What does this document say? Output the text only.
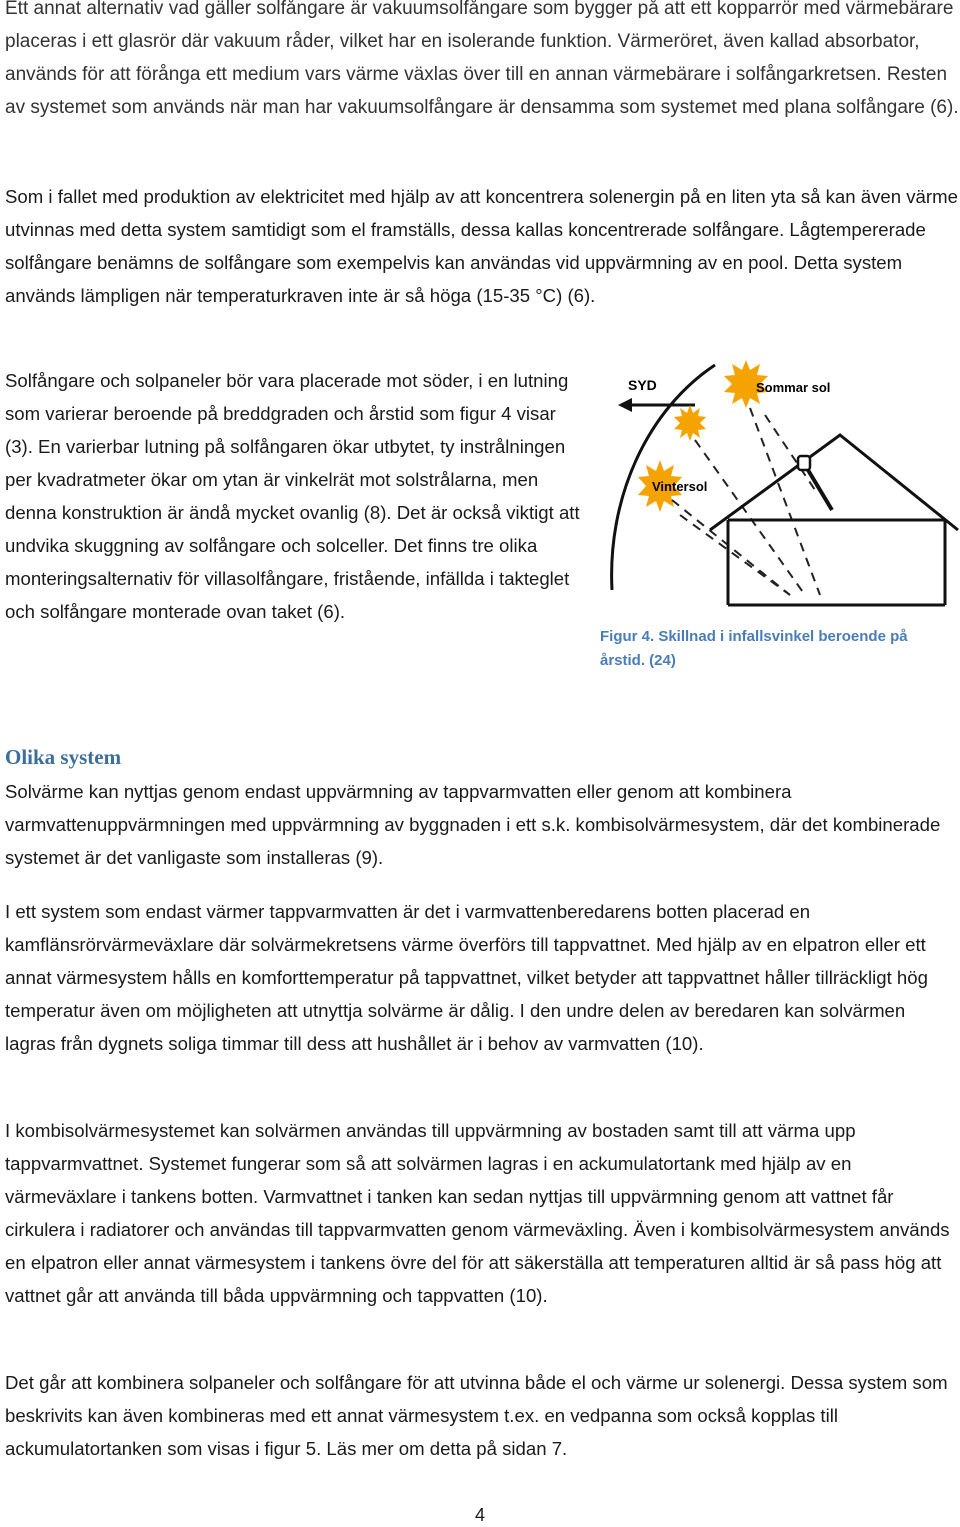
Ett annat alternativ vad gäller solfångare är vakuumsolfångare som bygger på att ett kopparrör med värmebärare placeras i ett glasrör där vakuum råder, vilket har en isolerande funktion. Värmeröret, även kallad absorbator, används för att förånga ett medium vars värme växlas över till en annan värmebärare i solfångarkretsen. Resten av systemet som används när man har vakuumsolfångare är densamma som systemet med plana solfångare (6).

Som i fallet med produktion av elektricitet med hjälp av att koncentrera solenergin på en liten yta så kan även värme utvinnas med detta system samtidigt som el framställs, dessa kallas koncentrerade solfångare. Lågtempererade solfångare benämns de solfångare som exempelvis kan användas vid uppvärmning av en pool. Detta system används lämpligen när temperaturkraven inte är så höga (15-35 °C) (6).

Solfångare och solpaneler bör vara placerade mot söder, i en lutning som varierar beroende på breddgraden och årstid som figur 4 visar (3). En varierbar lutning på solfångaren ökar utbytet, ty instrålningen per kvadratmeter ökar om ytan är vinkelrät mot solstrålarna, men denna konstruktion är ändå mycket ovanlig (8). Det är också viktigt att undvika skuggning av solfångare och solceller. Det finns tre olika monteringsalternativ för villasolfångare, fristående, infällda i takteglet och solfångare monterade ovan taket (6).

SYD	Sommar sol
Vintersol

Figur 4. Skillnad i infallsvinkel beroende på årstid. (24)

Olika system

Solvärme kan nyttjas genom endast uppvärmning av tappvarmvatten eller genom att kombinera varmvattenuppvärmningen med uppvärmning av byggnaden i ett s.k. kombisolvärmesystem, där det kombinerade systemet är det vanligaste som installeras (9).

I ett system som endast värmer tappvarmvatten är det i varmvattenberedarens botten placerad en kamflänsrörvärmeväxlare där solvärmekretsens värme överförs till tappvattnet. Med hjälp av en elpatron eller ett annat värmesystem hålls en komforttemperatur på tappvattnet, vilket betyder att tappvattnet håller tillräckligt hög temperatur även om möjligheten att utnyttja solvärme är dålig. I den undre delen av beredaren kan solvärmen lagras från dygnets soliga timmar till dess att hushållet är i behov av varmvatten (10).

I kombisolvärmesystemet kan solvärmen användas till uppvärmning av bostaden samt till att värma upp tappvarmvattnet. Systemet fungerar som så att solvärmen lagras i en ackumulatortank med hjälp av en värmeväxlare i tankens botten. Varmvattnet i tanken kan sedan nyttjas till uppvärmning genom att vattnet får cirkulera i radiatorer och användas till tappvarmvatten genom värmeväxling. Även i kombisolvärmesystem används en elpatron eller annat värmesystem i tankens övre del för att säkerställa att temperaturen alltid är så pass hög att vattnet går att använda till båda uppvärmning och tappvatten (10).

Det går att kombinera solpaneler och solfångare för att utvinna både el och värme ur solenergi. Dessa system som beskrivits kan även kombineras med ett annat värmesystem t.ex. en vedpanna som också kopplas till ackumulatortanken som visas i figur 5. Läs mer om detta på sidan 7.

4
